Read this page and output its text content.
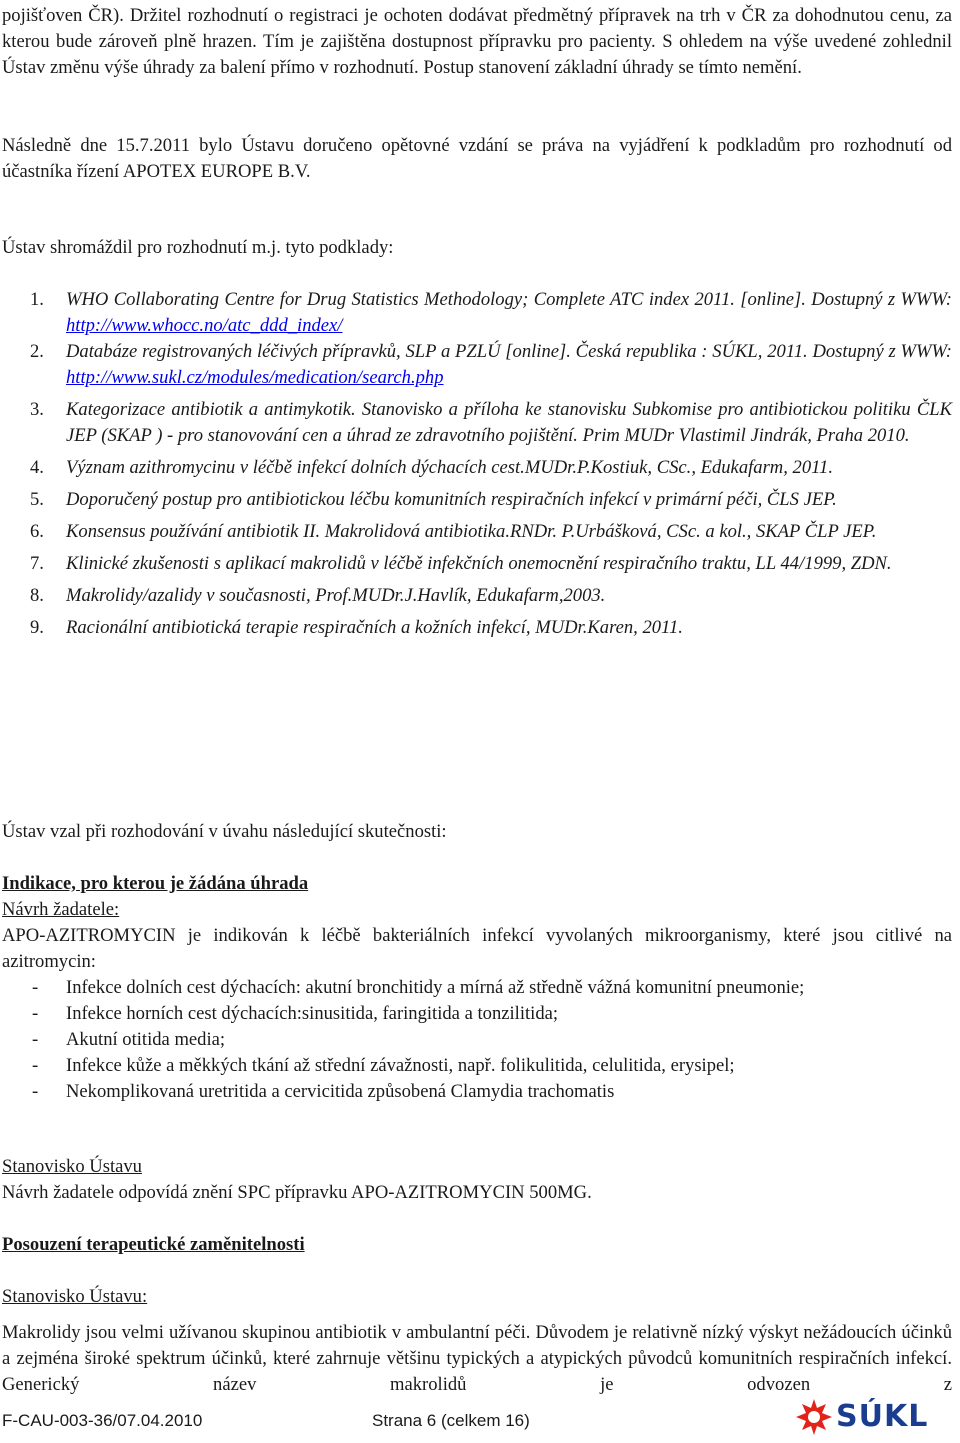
pojišťoven ČR). Držitel rozhodnutí o registraci je ochoten dodávat předmětný přípravek na trh v ČR za dohodnutou cenu, za kterou bude zároveň plně hrazen. Tím je zajištěna dostupnost přípravku pro pacienty. S ohledem na výše uvedené zohlednil Ústav změnu výše úhrady za balení přímo v rozhodnutí. Postup stanovení základní úhrady se tímto nemění.

Následně dne 15.7.2011 bylo Ústavu doručeno opětovné vzdání se práva na vyjádření k podkladům pro rozhodnutí od účastníka řízení APOTEX EUROPE B.V.

Ústav shromáždil pro rozhodnutí m.j. tyto podklady:

1. WHO Collaborating Centre for Drug Statistics Methodology; Complete ATC index 2011. [online]. Dostupný z WWW: http://www.whocc.no/atc_ddd_index/
2. Databáze registrovaných léčivých přípravků, SLP a PZLÚ [online]. Česká republika : SÚKL, 2011. Dostupný z WWW: http://www.sukl.cz/modules/medication/search.php
3. Kategorizace antibiotik a antimykotik. Stanovisko a příloha ke stanovisku Subkomise pro antibiotickou politiku ČLK JEP (SKAP ) - pro stanovování cen a úhrad ze zdravotního pojištění. Prim MUDr Vlastimil Jindrák, Praha 2010.
4. Význam azithromycinu v léčbě infekcí dolních dýchacích cest.MUDr.P.Kostiuk, CSc., Edukafarm, 2011.
5. Doporučený postup pro antibiotickou léčbu komunitních respiračních infekcí v primární péči, ČLS JEP.
6. Konsensus používání antibiotik II. Makrolidová antibiotika.RNDr. P.Urbášková, CSc. a kol., SKAP ČLP JEP.
7. Klinické zkušenosti s aplikací makrolidů v léčbě infekčních onemocnění respiračního traktu, LL 44/1999, ZDN.
8. Makrolidy/azalidy v současnosti, Prof.MUDr.J.Havlík, Edukafarm,2003.
9. Racionální antibiotická terapie respiračních a kožních infekcí, MUDr.Karen, 2011.

Ústav vzal při rozhodování v úvahu následující skutečnosti:

Indikace, pro kterou je žádána úhrada

Návrh žadatele:

APO-AZITROMYCIN je indikován k léčbě bakteriálních infekcí vyvolaných mikroorganismy, které jsou citlivé na azitromycin:

- Infekce dolních cest dýchacích: akutní bronchitidy a mírná až středně vážná komunitní pneumonie;
- Infekce horních cest dýchacích:sinusitida, faringitida a tonzilitida;
- Akutní otitida media;
- Infekce kůže a měkkých tkání až střední závažnosti, např. folikulitida, celulitida, erysipel;
- Nekomplikovaná uretritida a cervicitida způsobená Clamydia trachomatis

Stanovisko Ústavu

Návrh žadatele odpovídá znění SPC přípravku APO-AZITROMYCIN 500MG.

Posouzení terapeutické zaměnitelnosti

Stanovisko Ústavu:

Makrolidy jsou velmi užívanou skupinou antibiotik v ambulantní péči. Důvodem je relativně nízký výskyt nežádoucích účinků a zejména široké spektrum účinků, které zahrnuje většinu typických a atypických původců komunitních respiračních infekcí. Generický název makrolidů je odvozen z

F-CAU-003-36/07.04.2010	Strana 6 (celkem 16)	SÚKL
